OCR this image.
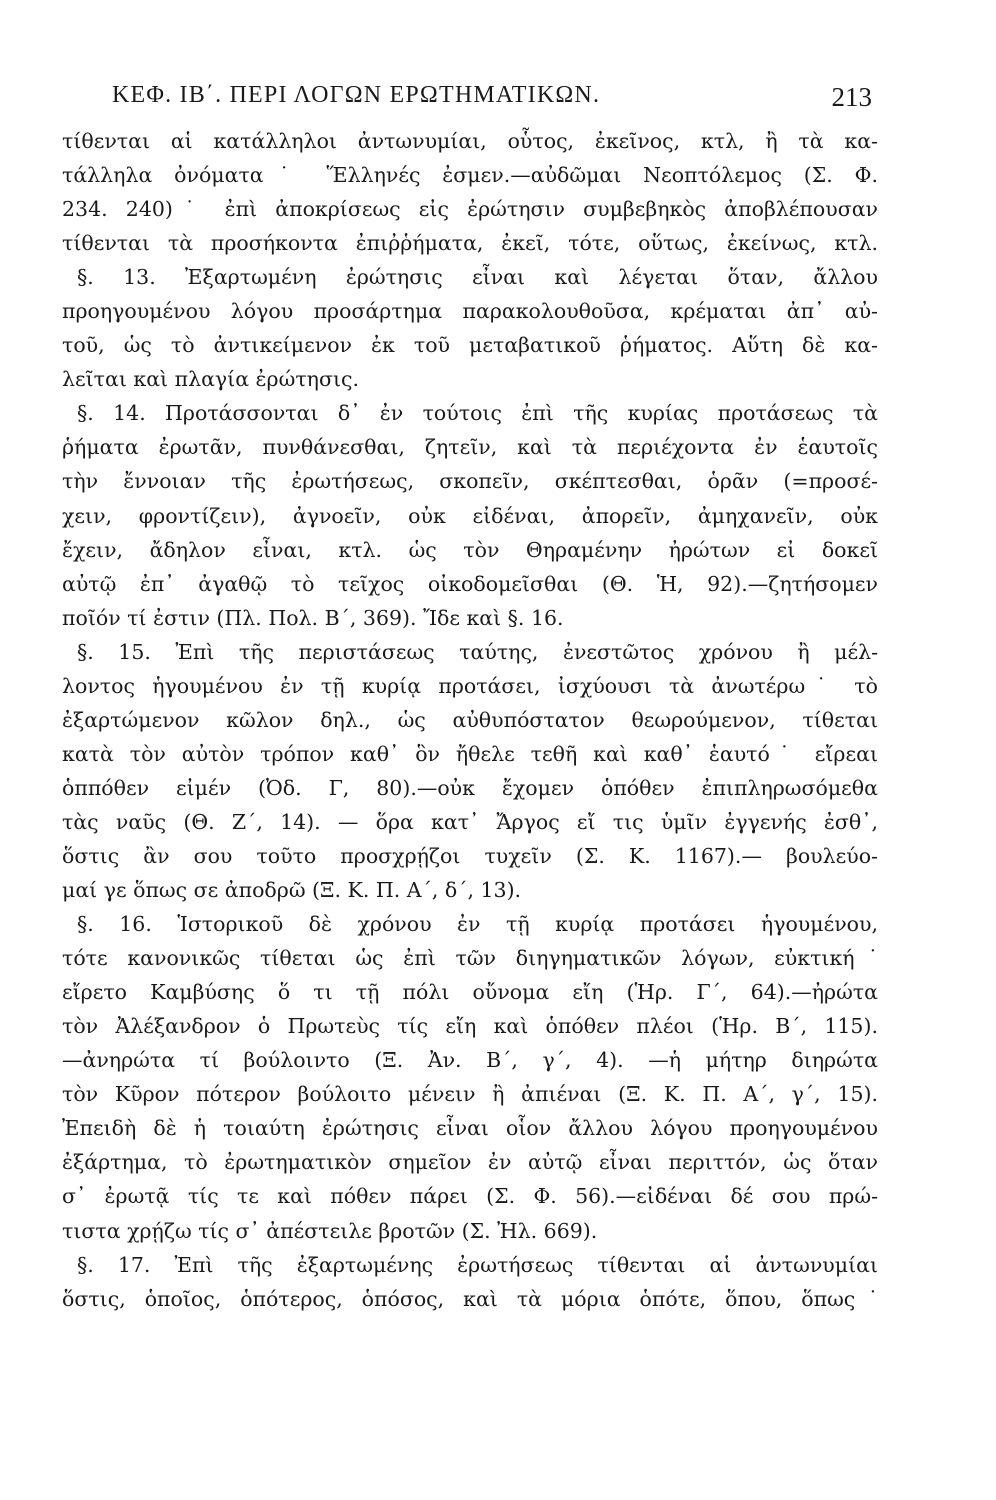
ΚΕΦ. ΙΒ΄. ΠΕΡΙ ΛΟΓΩΝ ΕΡΩΤΗΜΑΤΙΚΩΝ.	213
τίθενται αἱ κατάλληλοι ἀντωνυμίαι, οὗτος, ἐκεῖνος, κτλ, ἢ τὰ κα-
τάλληλα ὀνόματα˙ Ἕλληνές ἐσμεν.—αὐδῶμαι Νεοπτόλεμος (Σ. Φ.
234. 240)˙ ἐπὶ ἀποκρίσεως εἰς ἐρώτησιν συμβεβηκὸς ἀποβλέπουσαν
τίθενται τὰ προσήκοντα ἐπιῤῥήματα, ἐκεῖ, τότε, οὕτως, ἐκείνως, κτλ.
§. 13. Ἐξαρτωμένη ἐρώτησις εἶναι καὶ λέγεται ὅταν, ἄλλου
προηγουμένου λόγου προσάρτημα παρακολουθοῦσα, κρέμαται ἀπ᾿ αὐ-
τοῦ, ὡς τὸ ἀντικείμενον ἐκ τοῦ μεταβατικοῦ ῥήματος. Αὕτη δὲ κα-
λεῖται καὶ πλαγία ἐρώτησις.
§. 14. Προτάσσονται δ᾿ ἐν τούτοις ἐπὶ τῆς κυρίας προτάσεως τὰ
ῥήματα ἐρωτᾶν, πυνθάνεσθαι, ζητεῖν, καὶ τὰ περιέχοντα ἐν ἑαυτοῖς
τὴν ἔννοιαν τῆς ἐρωτήσεως, σκοπεῖν, σκέπτεσθαι, ὁρᾶν (=προσέ-
χειν, φροντίζειν), ἀγνοεῖν, οὐκ εἰδέναι, ἀπορεῖν, ἀμηχανεῖν, οὐκ
ἔχειν, ἄδηλον εἶναι, κτλ. ὡς τὸν Θηραμένην ἠρώτων εἰ δοκεῖ
αὐτῷ ἐπ᾿ ἀγαθῷ τὸ τεῖχος οἰκοδομεῖσθαι (Θ. Ἡ, 92).—ζητήσομεν
ποῖόν τί ἐστιν (Πλ. Πολ. Β΄, 369). Ἴδε καὶ §. 16.
§. 15. Ἐπὶ τῆς περιστάσεως ταύτης, ἐνεστῶτος χρόνου ἢ μέλ-
λοντος ἡγουμένου ἐν τῇ κυρίᾳ προτάσει, ἰσχύουσι τὰ ἀνωτέρω˙ τὸ
ἐξαρτώμενον κῶλον δηλ., ὡς αὐθυπόστατον θεωρούμενον, τίθεται
κατὰ τὸν αὐτὸν τρόπον καθ᾿ ὃν ἤθελε τεθῆ καὶ καθ᾿ ἑαυτό˙ εἴρεαι
ὁππόθεν εἰμέν (Ὀδ. Γ, 80).—οὐκ ἔχομεν ὁπόθεν ἐπιπληρωσόμεθα
τὰς ναῦς (Θ. Ζ΄, 14). — ὅρα κατ᾿ Ἄργος εἴ τις ὑμῖν ἐγγενής ἐσθ᾿,
ὅστις ἂν σου τοῦτο προσχρῄζοι τυχεῖν (Σ. Κ. 1167).— βουλεύο-
μαί γε ὅπως σε ἀποδρῶ (Ξ. Κ. Π. Α΄, δ΄, 13).
§. 16. Ἱστορικοῦ δὲ χρόνου ἐν τῇ κυρίᾳ προτάσει ἡγουμένου,
τότε κανονικῶς τίθεται ὡς ἐπὶ τῶν διηγηματικῶν λόγων, εὐκτική˙
εἴρετο Καμβύσης ὅ τι τῇ πόλι οὔνομα εἴη (Ἡρ. Γ΄, 64).—ἠρώτα
τὸν Ἀλέξανδρον ὁ Πρωτεὺς τίς εἴη καὶ ὁπόθεν πλέοι (Ἡρ. Β΄, 115).
—ἀνηρώτα τί βούλοιντο (Ξ. Ἀν. Β΄, γ΄, 4). —ἡ μήτηρ διηρώτα
τὸν Κῦρον πότερον βούλοιτο μένειν ἢ ἀπιέναι (Ξ. Κ. Π. Α΄, γ΄, 15).
Ἐπειδὴ δὲ ἡ τοιαύτη ἐρώτησις εἶναι οἷον ἄλλου λόγου προηγουμένου
ἐξάρτημα, τὸ ἐρωτηματικὸν σημεῖον ἐν αὐτῷ εἶναι περιττόν, ὡς ὅταν
σ᾿ ἐρωτᾷ τίς τε καὶ πόθεν πάρει (Σ. Φ. 56).—εἰδέναι δέ σου πρώ-
τιστα χρῄζω τίς σ᾿ ἀπέστειλε βροτῶν (Σ. Ἠλ. 669).
§. 17. Ἐπὶ τῆς ἐξαρτωμένης ἐρωτήσεως τίθενται αἱ ἀντωνυμίαι
ὅστις, ὁποῖος, ὁπότερος, ὁπόσος, καὶ τὰ μόρια ὁπότε, ὅπου, ὅπως˙
